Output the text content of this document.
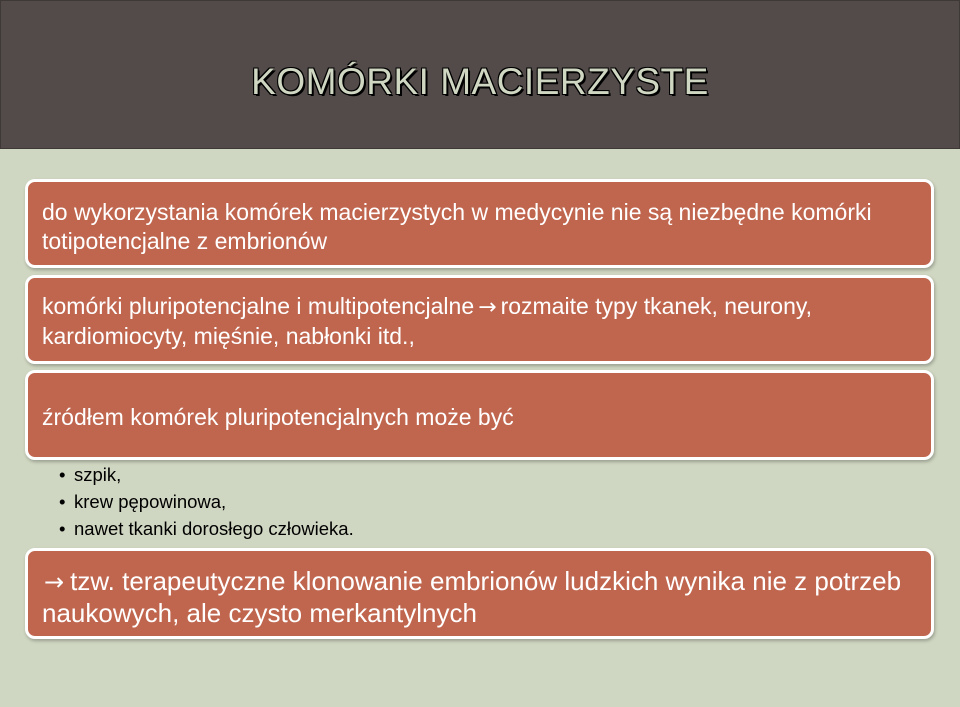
KOMÓRKI MACIERZYSTE
do wykorzystania komórek macierzystych w medycynie nie są niezbędne komórki totipotencjalne z embrionów
komórki pluripotencjalne i multipotencjalne → rozmaite typy tkanek, neurony, kardiomiocyty, mięśnie, nabłonki itd.,
źródłem komórek pluripotencjalnych może być
• szpik,
• krew pępowinowa,
• nawet tkanki dorosłego człowieka.
→ tzw. terapeutyczne klonowanie embrionów ludzkich wynika nie z potrzeb naukowych, ale czysto merkantylnych
